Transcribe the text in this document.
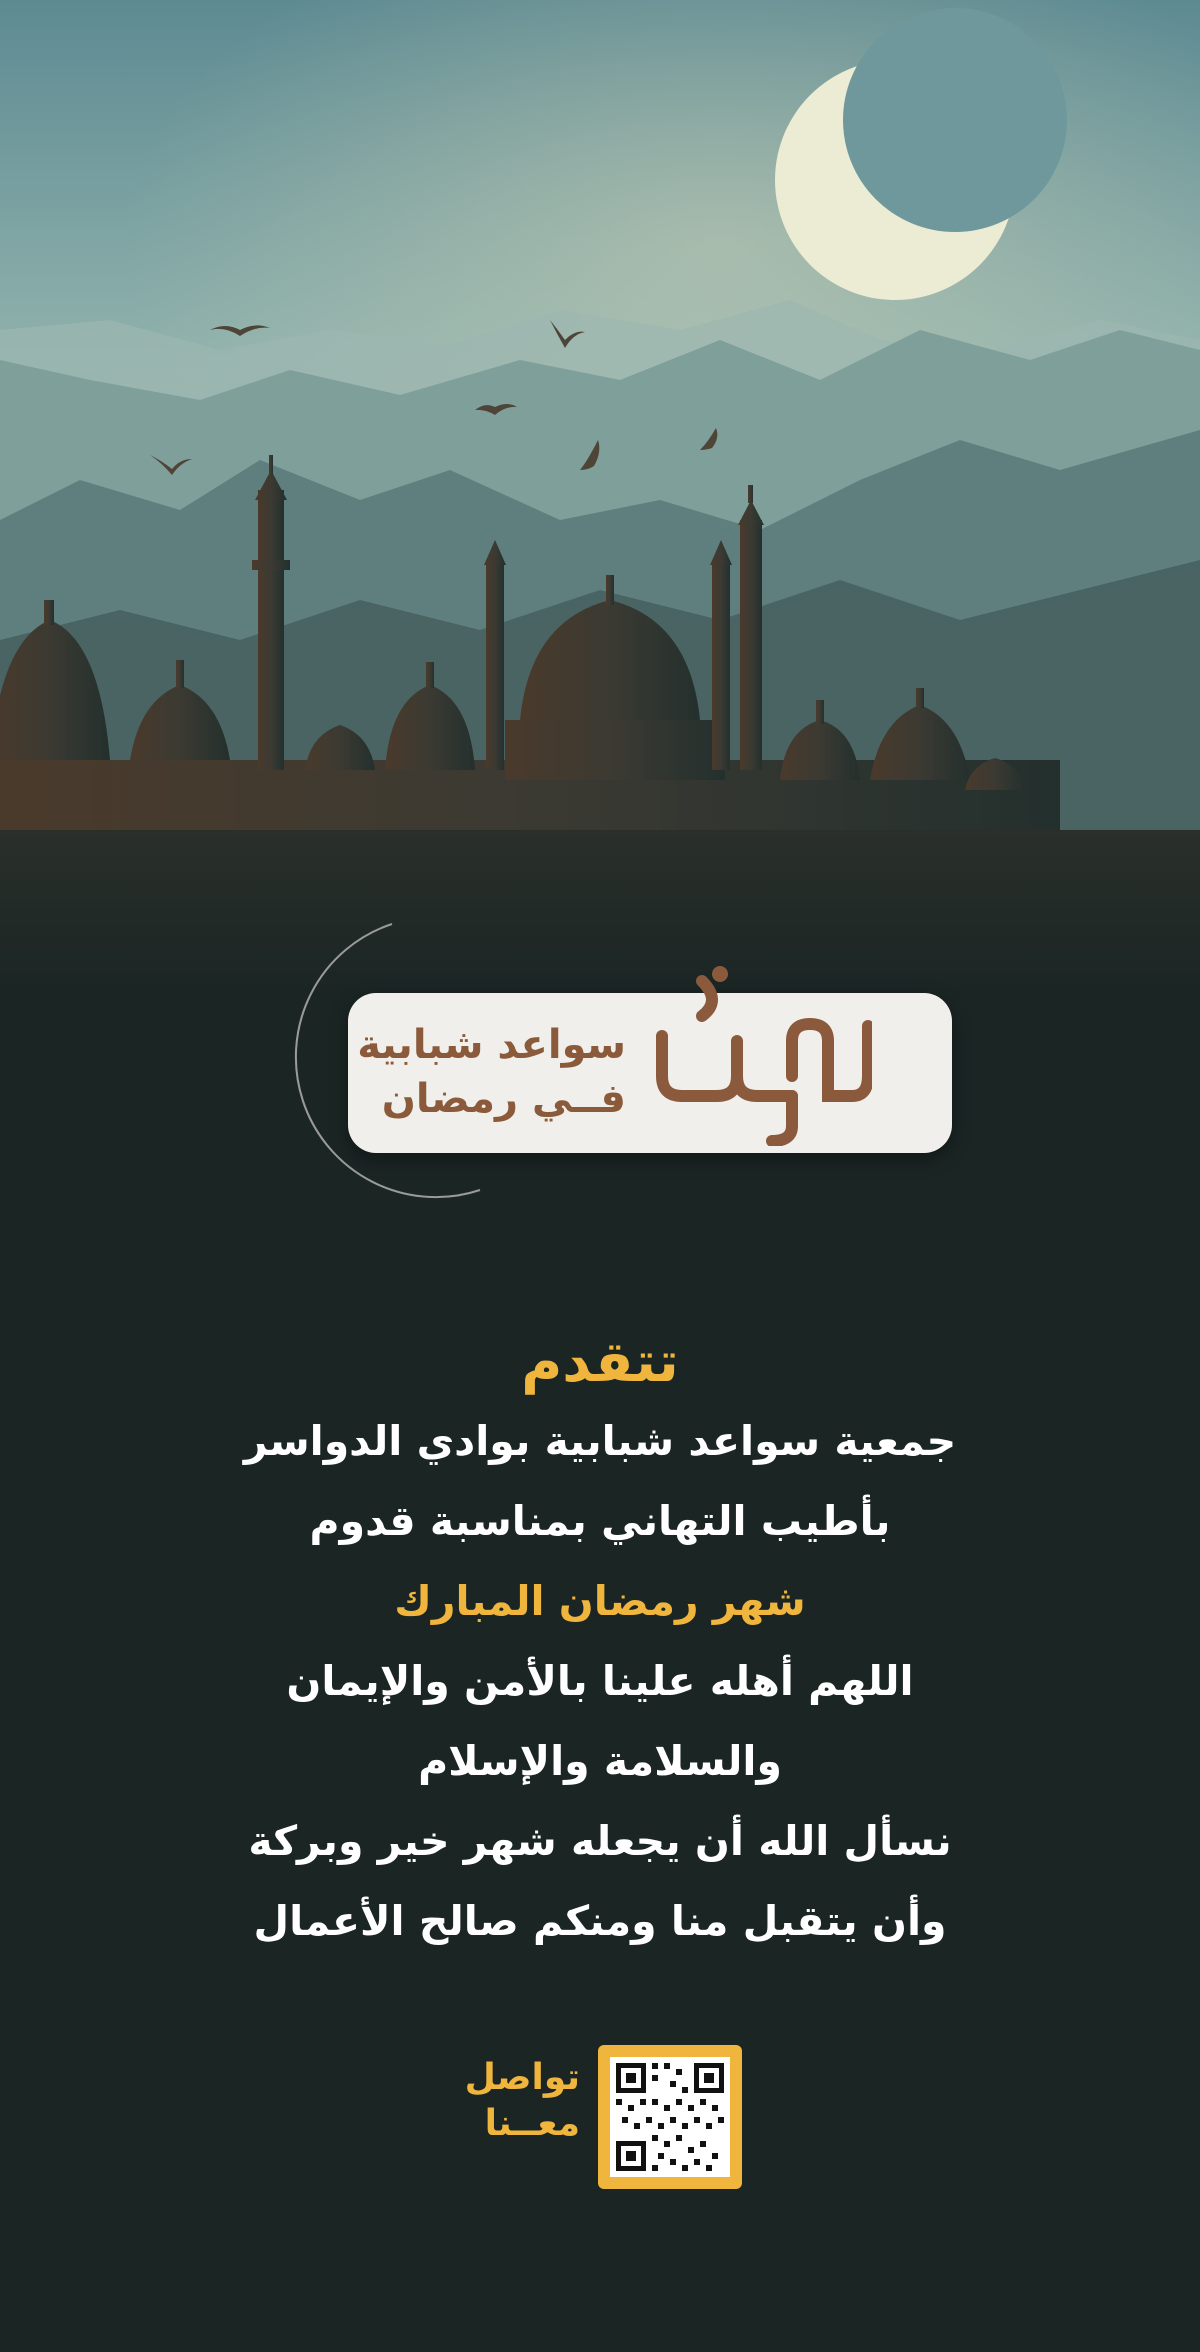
سواعد شبابية
فــي رمضان
تتقدم
جمعية سواعد شبابية بوادي الدواسر
بأطيب التهاني بمناسبة قدوم
شهر رمضان المبارك
اللهم أهله علينا بالأمن والإيمان
والسلامة والإسلام
نسأل الله أن يجعله شهر خير وبركة
وأن يتقبل منا ومنكم صالح الأعمال
تواصل
معــنا
